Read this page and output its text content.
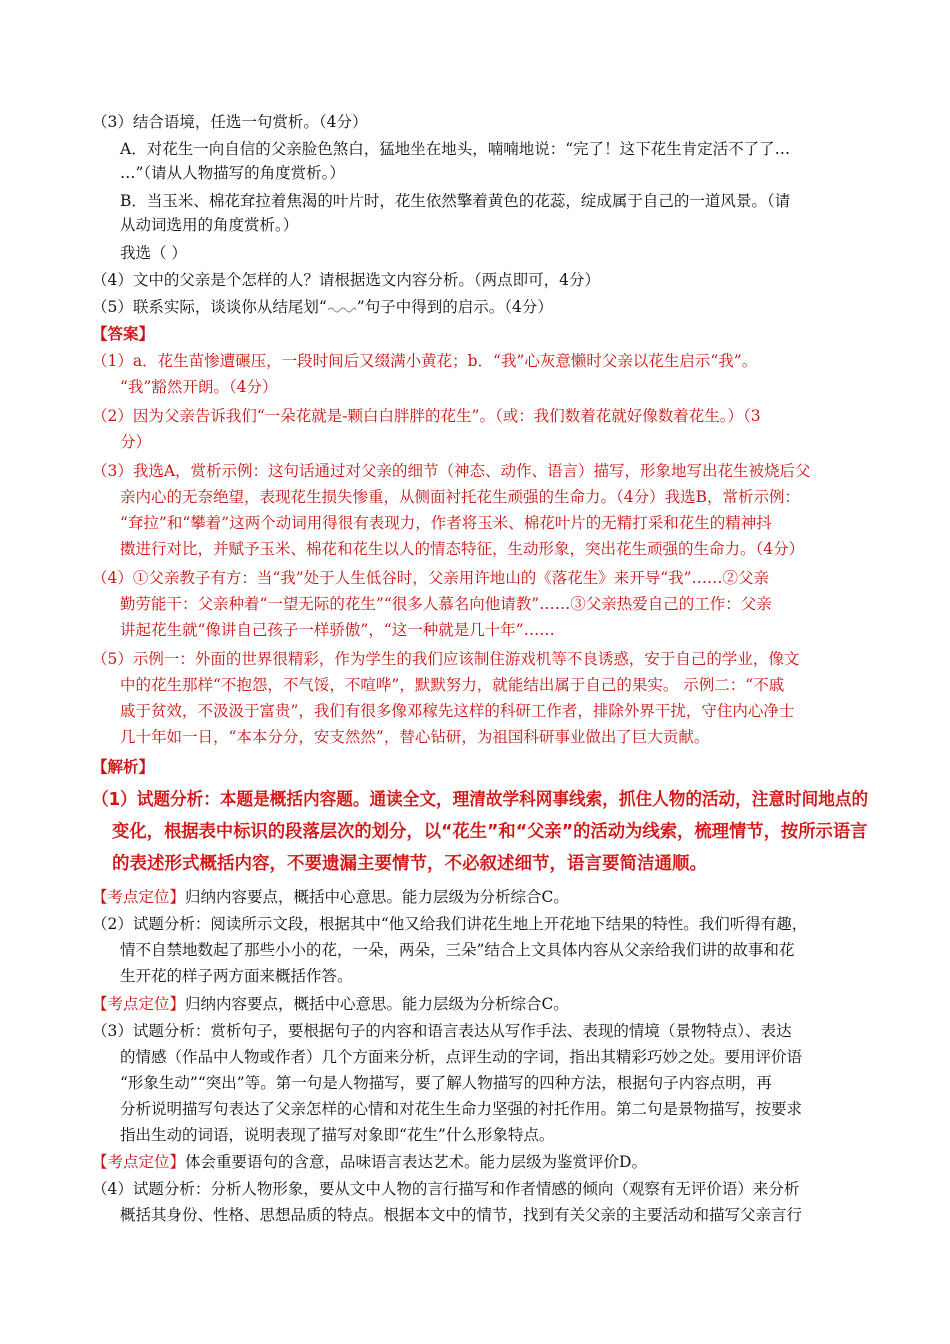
（3）结合语境，任选一句赏析。（4分）
A．对花生一向自信的父亲脸色煞白，猛地坐在地头，喃喃地说：“完了！这下花生肯定活不了了…
…”（请从人物描写的角度赏析。）
B．当玉米、棉花耷拉着焦渴的叶片时，花生依然擎着黄色的花蕊，绽成属于自己的一道风景。（请
从动词选用的角度赏析。）
我选（ ）
（4）文中的父亲是个怎样的人？请根据选文内容分析。（两点即可，4分）
（5）联系实际，谈谈你从结尾划“ ”句子中得到的启示。（4分）
【答案】
（1）a．花生苗惨遭碾压，一段时间后又缀满小黄花；b．“我”心灰意懒时父亲以花生启示“我”。
“我”豁然开朗。（4分）
（2）因为父亲告诉我们“一朵花就是-颗白白胖胖的花生”。（或：我们数着花就好像数着花生。）（3
分）
（3）我选A，赏析示例：这句话通过对父亲的细节（神态、动作、语言）描写，形象地写出花生被烧后父
亲内心的无奈绝望，表现花生损失惨重，从侧面衬托花生顽强的生命力。（4分）我选B，常析示例：
“耷拉”和“攀着”这两个动词用得很有表现力，作者将玉米、棉花叶片的无精打采和花生的精神抖
擞进行对比，并赋予玉米、棉花和花生以人的情态特征，生动形象，突出花生顽强的生命力。（4分）
（4）①父亲教子有方：当“我”处于人生低谷时，父亲用许地山的《落花生》来开导“我”……②父亲
勤劳能干：父亲种着“一望无际的花生”“很多人慕名向他请教”……③父亲热爱自己的工作：父亲
讲起花生就“像讲自己孩子一样骄傲”，“这一种就是几十年”……
（5）示例一：外面的世界很精彩，作为学生的我们应该制住游戏机等不良诱惑，安于自己的学业，像文
中的花生那样“不抱怨，不气馁，不喧哗”，默默努力，就能结出属于自己的果实。 示例二：“不戚
戚于贫效，不汲汲于富贵”，我们有很多像邓稼先这样的科研工作者，排除外界干扰，守住内心净士
几十年如一日，“本本分分，安支然然”，替心钻研，为祖国科研事业做出了巨大贡献。
【解析】
（1）试题分析：本题是概括内容题。通读全文，理清故学科网事线索，抓住人物的活动，注意时间地点的
变化，根据表中标识的段落层次的划分，以“花生”和“父亲”的活动为线索，梳理情节，按所示语言
的表述形式概括内容，不要遗漏主要情节，不必叙述细节，语言要简洁通顺。
【考点定位】归纳内容要点，概括中心意思。能力层级为分析综合C。
（2）试题分析：阅读所示文段，根据其中“他又给我们讲花生地上开花地下结果的特性。我们听得有趣，
情不自禁地数起了那些小小的花，一朵，两朵，三朵”结合上文具体内容从父亲给我们讲的故事和花
生开花的样子两方面来概括作答。
【考点定位】归纳内容要点，概括中心意思。能力层级为分析综合C。
（3）试题分析：赏析句子，要根据句子的内容和语言表达从写作手法、表现的情境（景物特点）、表达
的情感（作品中人物或作者）几个方面来分析，点评生动的字词，指出其精彩巧妙之处。要用评价语
“形象生动”“突出”等。第一句是人物描写，要了解人物描写的四种方法，根据句子内容点明，再
分析说明描写句表达了父亲怎样的心情和对花生生命力坚强的衬托作用。第二句是景物描写，按要求
指出生动的词语，说明表现了描写对象即“花生”什么形象特点。
【考点定位】体会重要语句的含意，品味语言表达艺术。能力层级为鉴赏评价D。
（4）试题分析：分析人物形象，要从文中人物的言行描写和作者情感的倾向（观察有无评价语）来分析
概括其身份、性格、思想品质的特点。根据本文中的情节，找到有关父亲的主要活动和描写父亲言行
